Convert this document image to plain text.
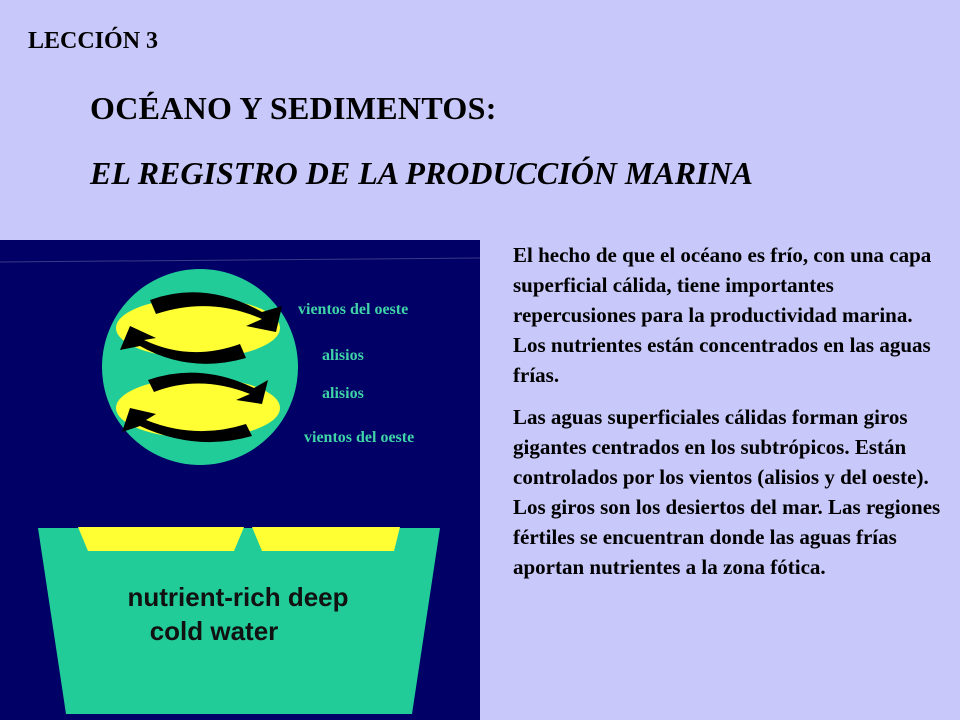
LECCIÓN 3
OCÉANO Y SEDIMENTOS:
EL REGISTRO DE LA PRODUCCIÓN MARINA
vientos del oeste
alisios
alisios
vientos del oeste
nutrient-rich deep
cold water

El hecho de que el océano es frío, con una capa superficial cálida, tiene importantes repercusiones para la productividad marina. Los nutrientes están concentrados en las aguas frías.

Las aguas superficiales cálidas forman giros gigantes centrados en los subtrópicos. Están controlados por los vientos (alisios y del oeste). Los giros son los desiertos del mar. Las regiones fértiles se encuentran donde las aguas frías aportan nutrientes a la zona fótica.
